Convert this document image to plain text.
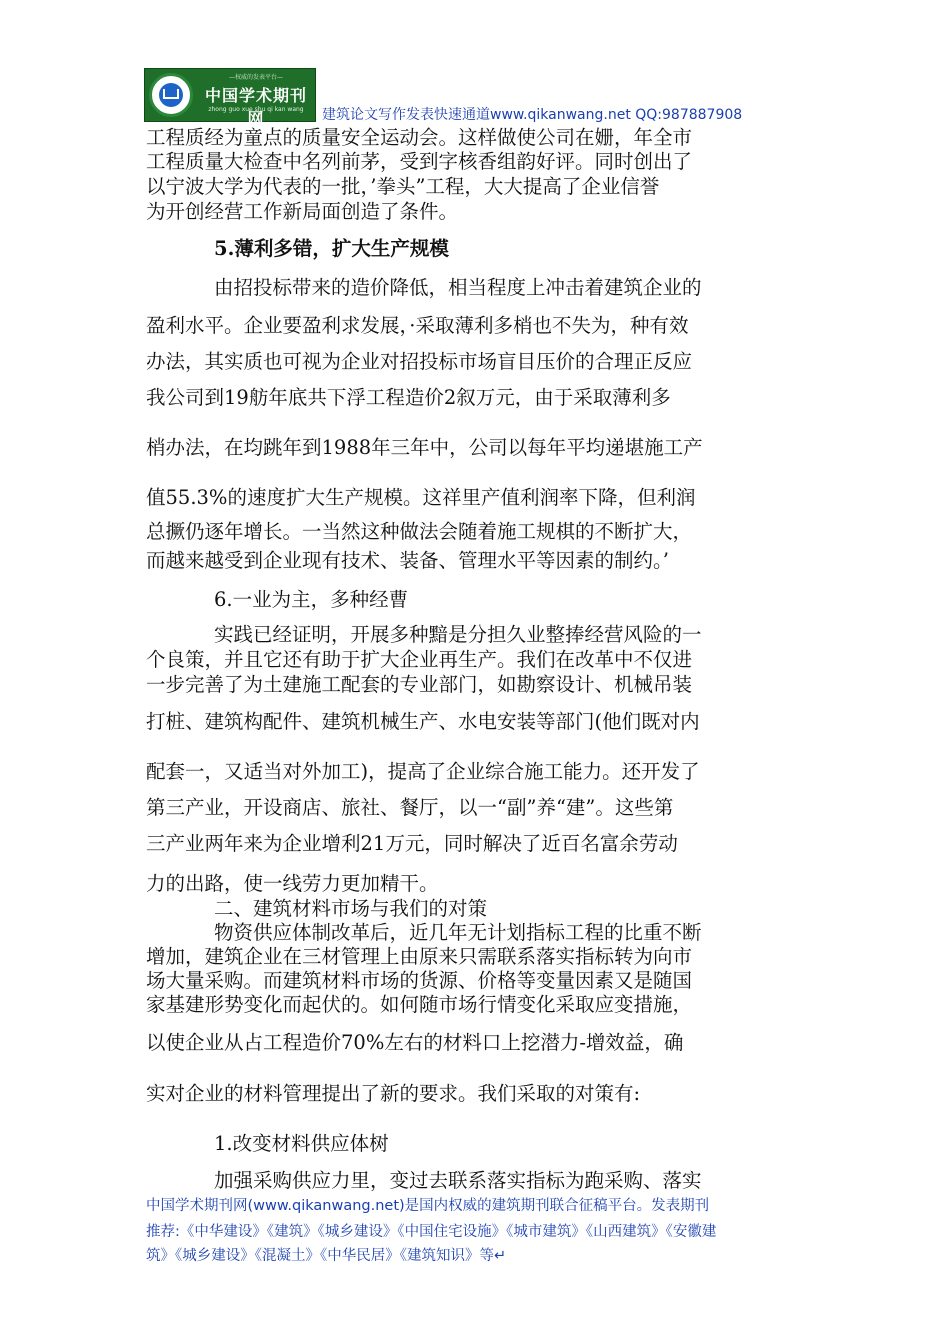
—权威的发表平台—
中国学术期刊网
zhong guo xue shu qi kan wang	建筑论文写作发表快速通道www.qikanwang.net QQ:987887908
工程质经为童点的质量安全运动会。这样做使公司在姗，年全市
工程质量大检查中名列前茅，受到字核香组韵好评。同时创出了
以宁波大学为代表的一批，’拳头”工程，大大提高了企业信誉
为开创经营工作新局面创造了条件。
5.薄利多错，扩大生产规模
由招投标带来的造价降低，相当程度上冲击着建筑企业的
盈利水平。企业要盈利求发展，·采取薄利多梢也不失为，种有效
办法，其实质也可视为企业对招投标市场盲目压价的合理正反应
我公司到19舫年底共下浮工程造价2叙万元，由于采取薄利多
梢办法，在均跳年到1988年三年中，公司以每年平均递堪施工产
值55.3%的速度扩大生产规模。这祥里产值利润率下降，但利润
总撅仍逐年增长。一当然这种做法会随着施工规棋的不断扩大，
而越来越受到企业现有技术、装备、管理水平等因素的制约。’
6.一业为主，多种经曹
实践已经证明，开展多种黯是分担久业整捧经营风险的一
个良策，并且它还有助于扩大企业再生产。我们在改革中不仅进
一步完善了为土建施工配套的专业部门，如勘察设计、机械吊装
打桩、建筑构配件、建筑机械生产、水电安装等部门(他们既对内
配套一，又适当对外加工)，提高了企业综合施工能力。还开发了
第三产业，开设商店、旅社、餐厅，以一“副”养“建”。这些第
三产业两年来为企业增利21万元，同时解决了近百名富余劳动
力的出路，使一线劳力更加精干。
二、建筑材料市场与我们的对策
物资供应体制改革后，近几年无计划指标工程的比重不断
增加，建筑企业在三材管理上由原来只需联系落实指标转为向市
场大量采购。而建筑材料市场的货源、价格等变量因素又是随国
家基建形势变化而起伏的。如何随市场行情变化采取应变措施，
以使企业从占工程造价70%左右的材料口上挖潜力-增效益，确
实对企业的材料管理提出了新的要求。我们采取的对策有:
1.改变材料供应体树
加强采购供应力里，变过去联系落实指标为跑采购、落实
中国学术期刊网(www.qikanwang.net)是国内权威的建筑期刊联合征稿平台。发表期刊
推荐:《中华建设》《建筑》《城乡建设》《中国住宅设施》《城市建筑》《山西建筑》《安徽建
筑》《城乡建设》《混凝土》《中华民居》《建筑知识》等↵
